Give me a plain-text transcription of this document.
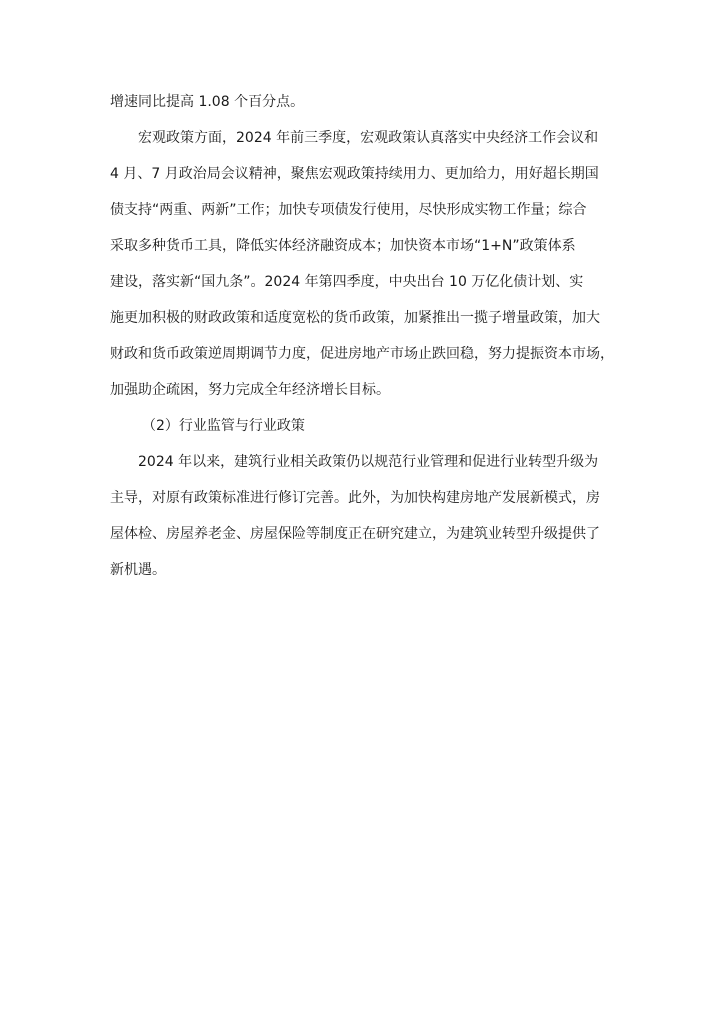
增速同比提高 1.08 个百分点。
宏观政策方面，2024 年前三季度，宏观政策认真落实中央经济工作会议和
4 月、7 月政治局会议精神，聚焦宏观政策持续用力、更加给力，用好超长期国
债支持“两重、两新”工作；加快专项债发行使用，尽快形成实物工作量；综合
采取多种货币工具，降低实体经济融资成本；加快资本市场“1+N”政策体系
建设，落实新“国九条”。2024 年第四季度，中央出台 10 万亿化债计划、实
施更加积极的财政政策和适度宽松的货币政策，加紧推出一揽子增量政策，加大
财政和货币政策逆周期调节力度，促进房地产市场止跌回稳，努力提振资本市场，
加强助企疏困，努力完成全年经济增长目标。
（2）行业监管与行业政策
2024 年以来，建筑行业相关政策仍以规范行业管理和促进行业转型升级为
主导，对原有政策标准进行修订完善。此外，为加快构建房地产发展新模式，房
屋体检、房屋养老金、房屋保险等制度正在研究建立，为建筑业转型升级提供了
新机遇。
